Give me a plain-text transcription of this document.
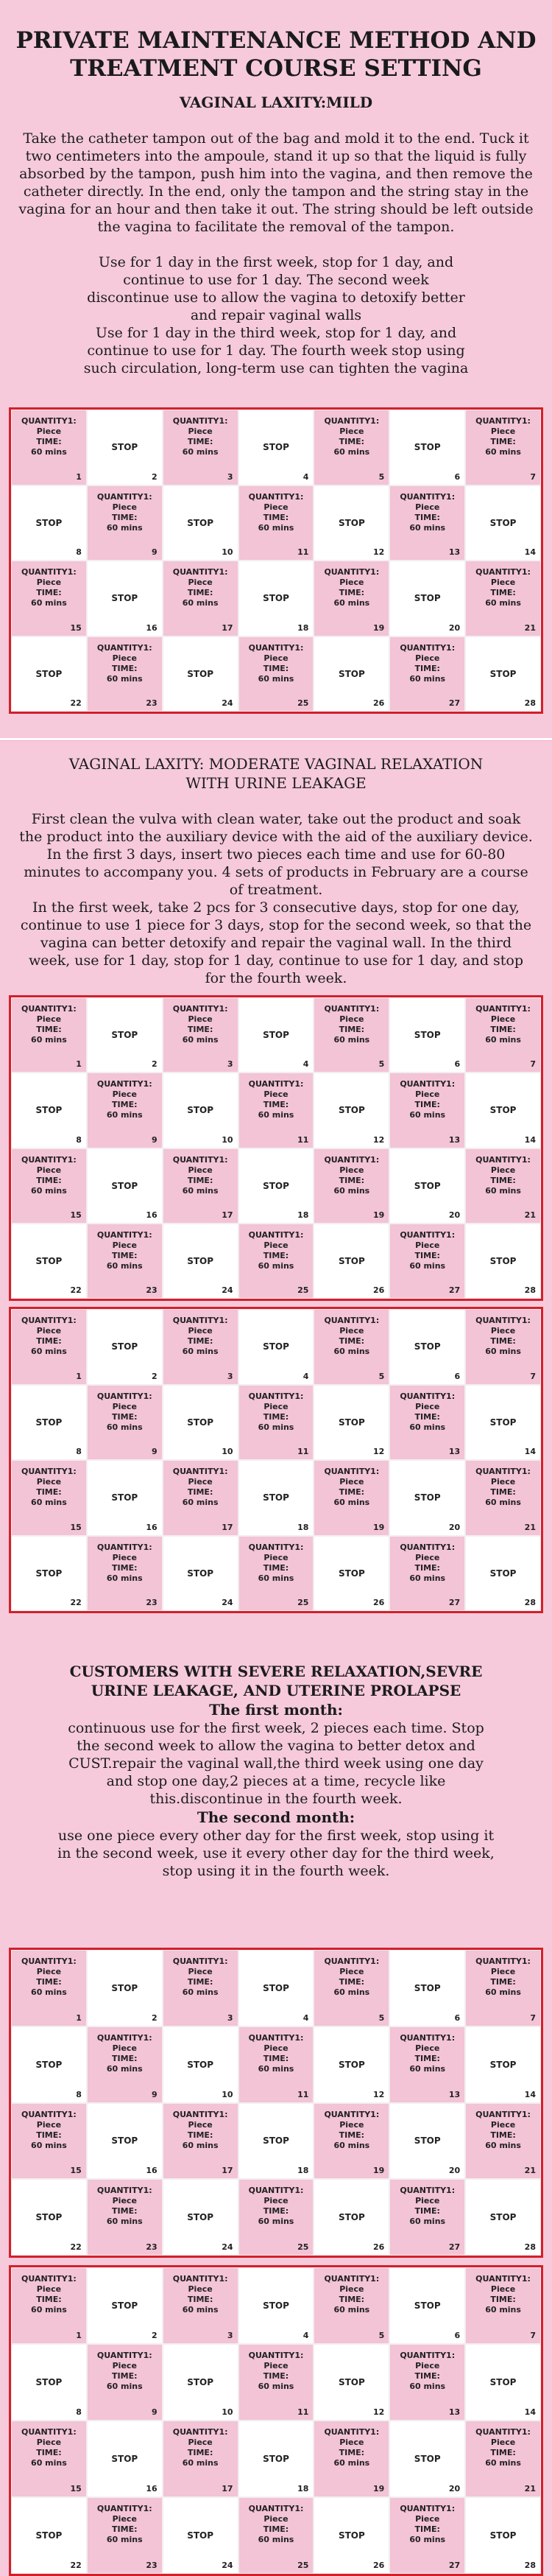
PRIVATE MAINTENANCE METHOD AND
TREATMENT COURSE SETTING

VAGINAL LAXITY:MILD

Take the catheter tampon out of the bag and mold it to the end. Tuck it two centimeters into the ampoule, stand it up so that the liquid is fully absorbed by the tampon, push him into the vagina, and then remove the catheter directly. In the end, only the tampon and the string stay in the vagina for an hour and then take it out. The string should be left outside the vagina to facilitate the removal of the tampon.

Use for 1 day in the first week, stop for 1 day, and continue to use for 1 day. The second week discontinue use to allow the vagina to detoxify better and repair vaginal walls

Use for 1 day in the third week, stop for 1 day, and continue to use for 1 day. The fourth week stop using such circulation, long-term use can tighten the vagina

QUANTITY1:
Piece
TIME:
60 mins
1
STOP
2
QUANTITY1:
Piece
TIME:
60 mins
3
STOP
4
QUANTITY1:
Piece
TIME:
60 mins
5
STOP
6
QUANTITY1:
Piece
TIME:
60 mins
7
STOP
8
QUANTITY1:
Piece
TIME:
60 mins
9
STOP
10
QUANTITY1:
Piece
TIME:
60 mins
11
STOP
12
QUANTITY1:
Piece
TIME:
60 mins
13
STOP
14
QUANTITY1:
Piece
TIME:
60 mins
15
STOP
16
QUANTITY1:
Piece
TIME:
60 mins
17
STOP
18
QUANTITY1:
Piece
TIME:
60 mins
19
STOP
20
QUANTITY1:
Piece
TIME:
60 mins
21
STOP
22
QUANTITY1:
Piece
TIME:
60 mins
23
STOP
24
QUANTITY1:
Piece
TIME:
60 mins
25
STOP
26
QUANTITY1:
Piece
TIME:
60 mins
27
STOP
28

VAGINAL LAXITY: MODERATE VAGINAL RELAXATION
WITH URINE LEAKAGE

First clean the vulva with clean water, take out the product and soak the product into the auxiliary device with the aid of the auxiliary device. In the first 3 days, insert two pieces each time and use for 60-80 minutes to accompany you. 4 sets of products in February are a course of treatment.

In the first week, take 2 pcs for 3 consecutive days, stop for one day, continue to use 1 piece for 3 days, stop for the second week, so that the vagina can better detoxify and repair the vaginal wall. In the third week, use for 1 day, stop for 1 day, continue to use for 1 day, and stop for the fourth week.

QUANTITY1:
Piece
TIME:
60 mins
1
STOP
2
QUANTITY1:
Piece
TIME:
60 mins
3
STOP
4
QUANTITY1:
Piece
TIME:
60 mins
5
STOP
6
QUANTITY1:
Piece
TIME:
60 mins
7
STOP
8
QUANTITY1:
Piece
TIME:
60 mins
9
STOP
10
QUANTITY1:
Piece
TIME:
60 mins
11
STOP
12
QUANTITY1:
Piece
TIME:
60 mins
13
STOP
14
QUANTITY1:
Piece
TIME:
60 mins
15
STOP
16
QUANTITY1:
Piece
TIME:
60 mins
17
STOP
18
QUANTITY1:
Piece
TIME:
60 mins
19
STOP
20
QUANTITY1:
Piece
TIME:
60 mins
21
STOP
22
QUANTITY1:
Piece
TIME:
60 mins
23
STOP
24
QUANTITY1:
Piece
TIME:
60 mins
25
STOP
26
QUANTITY1:
Piece
TIME:
60 mins
27
STOP
28
QUANTITY1:
Piece
TIME:
60 mins
1
STOP
2
QUANTITY1:
Piece
TIME:
60 mins
3
STOP
4
QUANTITY1:
Piece
TIME:
60 mins
5
STOP
6
QUANTITY1:
Piece
TIME:
60 mins
7
STOP
8
QUANTITY1:
Piece
TIME:
60 mins
9
STOP
10
QUANTITY1:
Piece
TIME:
60 mins
11
STOP
12
QUANTITY1:
Piece
TIME:
60 mins
13
STOP
14
QUANTITY1:
Piece
TIME:
60 mins
15
STOP
16
QUANTITY1:
Piece
TIME:
60 mins
17
STOP
18
QUANTITY1:
Piece
TIME:
60 mins
19
STOP
20
QUANTITY1:
Piece
TIME:
60 mins
21
STOP
22
QUANTITY1:
Piece
TIME:
60 mins
23
STOP
24
QUANTITY1:
Piece
TIME:
60 mins
25
STOP
26
QUANTITY1:
Piece
TIME:
60 mins
27
STOP
28

CUSTOMERS WITH SEVERE RELAXATION,SEVRE
URINE LEAKAGE, AND UTERINE PROLAPSE

The first month:

continuous use for the first week, 2 pieces each time. Stop the second week to allow the vagina to better detox and CUST.repair the vaginal wall,the third week using one day and stop one day,2 pieces at a time, recycle like this.discontinue in the fourth week.

The second month:

use one piece every other day for the first week, stop using it in the second week, use it every other day for the third week, stop using it in the fourth week.

QUANTITY1:
Piece
TIME:
60 mins
1
STOP
2
QUANTITY1:
Piece
TIME:
60 mins
3
STOP
4
QUANTITY1:
Piece
TIME:
60 mins
5
STOP
6
QUANTITY1:
Piece
TIME:
60 mins
7
STOP
8
QUANTITY1:
Piece
TIME:
60 mins
9
STOP
10
QUANTITY1:
Piece
TIME:
60 mins
11
STOP
12
QUANTITY1:
Piece
TIME:
60 mins
13
STOP
14
QUANTITY1:
Piece
TIME:
60 mins
15
STOP
16
QUANTITY1:
Piece
TIME:
60 mins
17
STOP
18
QUANTITY1:
Piece
TIME:
60 mins
19
STOP
20
QUANTITY1:
Piece
TIME:
60 mins
21
STOP
22
QUANTITY1:
Piece
TIME:
60 mins
23
STOP
24
QUANTITY1:
Piece
TIME:
60 mins
25
STOP
26
QUANTITY1:
Piece
TIME:
60 mins
27
STOP
28
QUANTITY1:
Piece
TIME:
60 mins
1
STOP
2
QUANTITY1:
Piece
TIME:
60 mins
3
STOP
4
QUANTITY1:
Piece
TIME:
60 mins
5
STOP
6
QUANTITY1:
Piece
TIME:
60 mins
7
STOP
8
QUANTITY1:
Piece
TIME:
60 mins
9
STOP
10
QUANTITY1:
Piece
TIME:
60 mins
11
STOP
12
QUANTITY1:
Piece
TIME:
60 mins
13
STOP
14
QUANTITY1:
Piece
TIME:
60 mins
15
STOP
16
QUANTITY1:
Piece
TIME:
60 mins
17
STOP
18
QUANTITY1:
Piece
TIME:
60 mins
19
STOP
20
QUANTITY1:
Piece
TIME:
60 mins
21
STOP
22
QUANTITY1:
Piece
TIME:
60 mins
23
STOP
24
QUANTITY1:
Piece
TIME:
60 mins
25
STOP
26
QUANTITY1:
Piece
TIME:
60 mins
27
STOP
28
